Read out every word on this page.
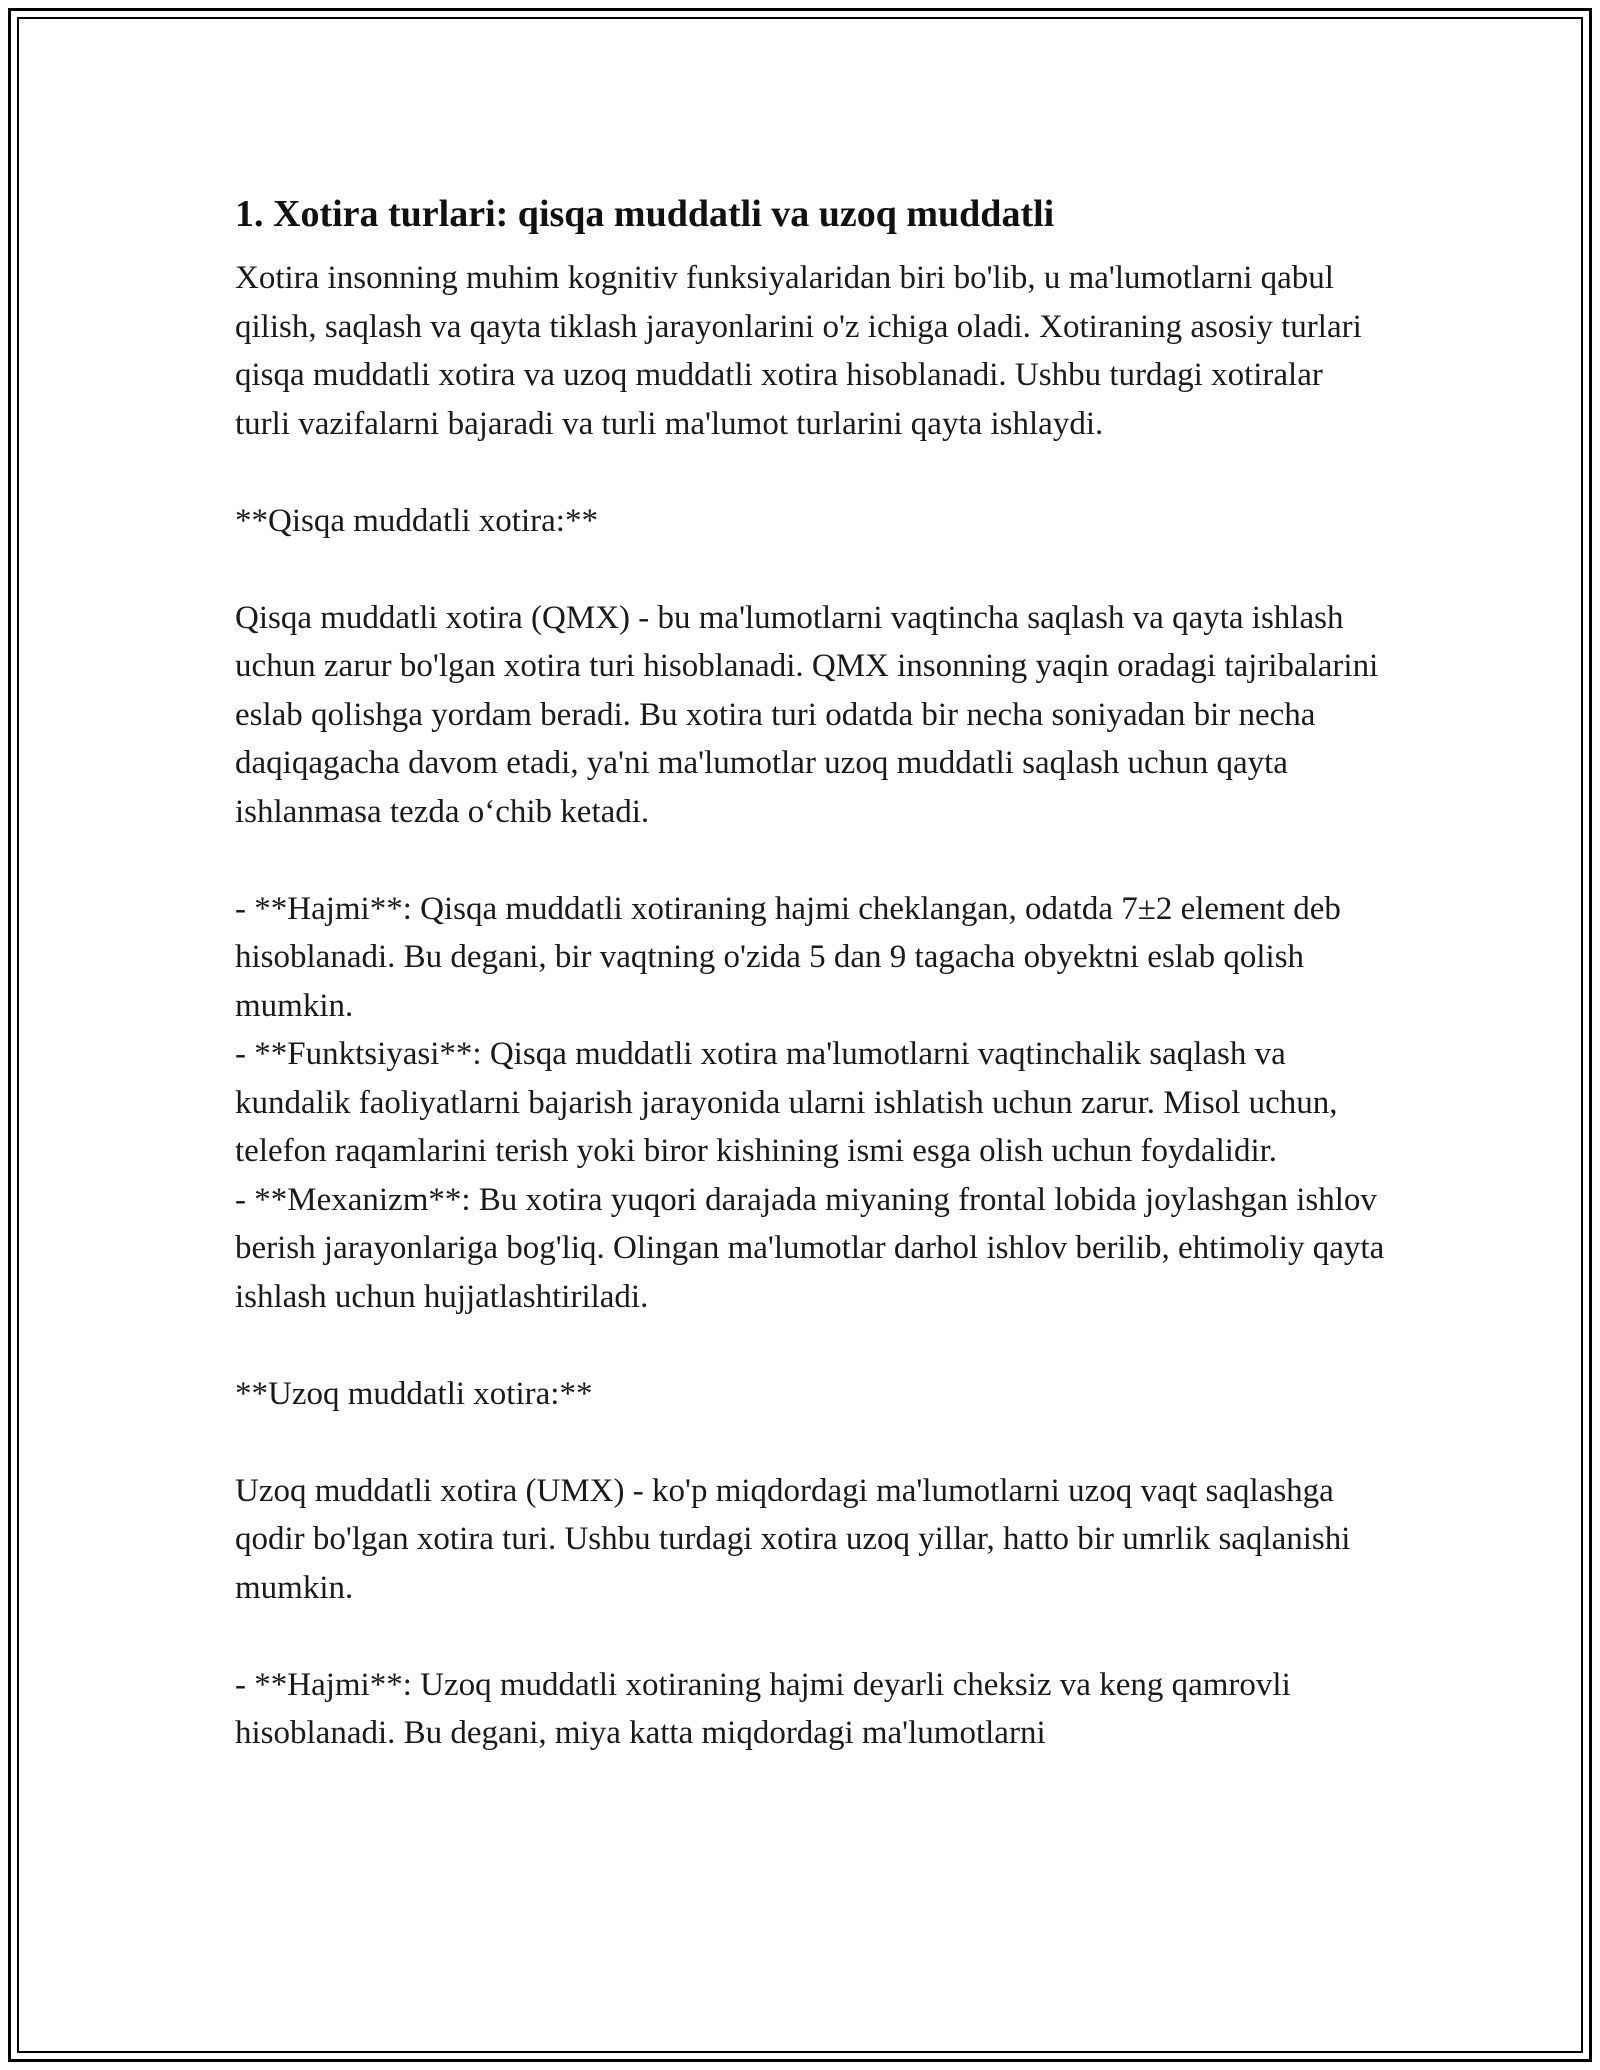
1. Xotira turlari: qisqa muddatli va uzoq muddatli

Xotira insonning muhim kognitiv funksiyalaridan biri bo'lib, u ma'lumotlarni qabul qilish, saqlash va qayta tiklash jarayonlarini o'z ichiga oladi. Xotiraning asosiy turlari qisqa muddatli xotira va uzoq muddatli xotira hisoblanadi. Ushbu turdagi xotiralar turli vazifalarni bajaradi va turli ma'lumot turlarini qayta ishlaydi.

**Qisqa muddatli xotira:**

Qisqa muddatli xotira (QMX) - bu ma'lumotlarni vaqtincha saqlash va qayta ishlash uchun zarur bo'lgan xotira turi hisoblanadi. QMX insonning yaqin oradagi tajribalarini eslab qolishga yordam beradi. Bu xotira turi odatda bir necha soniyadan bir necha daqiqagacha davom etadi, ya'ni ma'lumotlar uzoq muddatli saqlash uchun qayta ishlanmasa tezda o‘chib ketadi.

- **Hajmi**: Qisqa muddatli xotiraning hajmi cheklangan, odatda 7±2 element deb hisoblanadi. Bu degani, bir vaqtning o'zida 5 dan 9 tagacha obyektni eslab qolish mumkin.

- **Funktsiyasi**: Qisqa muddatli xotira ma'lumotlarni vaqtinchalik saqlash va kundalik faoliyatlarni bajarish jarayonida ularni ishlatish uchun zarur. Misol uchun, telefon raqamlarini terish yoki biror kishining ismi esga olish uchun foydalidir.

- **Mexanizm**: Bu xotira yuqori darajada miyaning frontal lobida joylashgan ishlov berish jarayonlariga bog'liq. Olingan ma'lumotlar darhol ishlov berilib, ehtimoliy qayta ishlash uchun hujjatlashtiriladi.

**Uzoq muddatli xotira:**

Uzoq muddatli xotira (UMX) - ko'p miqdordagi ma'lumotlarni uzoq vaqt saqlashga qodir bo'lgan xotira turi. Ushbu turdagi xotira uzoq yillar, hatto bir umrlik saqlanishi mumkin.

- **Hajmi**: Uzoq muddatli xotiraning hajmi deyarli cheksiz va keng qamrovli hisoblanadi. Bu degani, miya katta miqdordagi ma'lumotlarni
